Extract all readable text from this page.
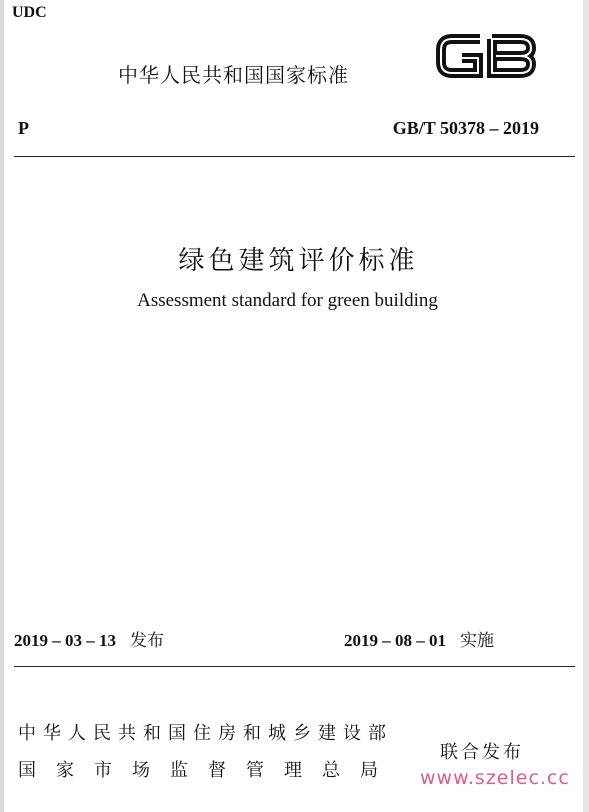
UDC
中华人民共和国国家标准
P	GB/T 50378 – 2019
绿色建筑评价标准
Assessment standard for green building
2019 – 03 – 13 发布	2019 – 08 – 01 实施
中华人民共和国住房和城乡建设部
国家市场监督管理总局
联合发布
www.szelec.cc
